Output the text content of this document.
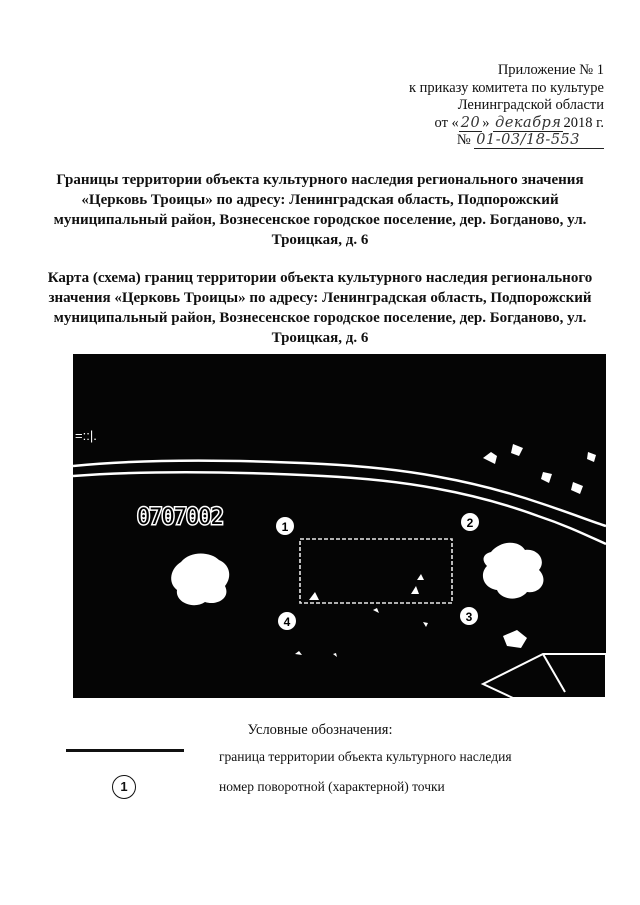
Приложение № 1
к приказу комитета по культуре
Ленинградской области
от « 20 » декабря 2018 г.
№ 01-03/18-553
Границы территории объекта культурного наследия регионального значения «Церковь Троицы» по адресу: Ленинградская область, Подпорожский муниципальный район, Вознесенское городское поселение, дер. Богданово, ул. Троицкая, д. 6
Карта (схема) границ территории объекта культурного наследия регионального значения «Церковь Троицы» по адресу: Ленинградская область, Подпорожский муниципальный район, Вознесенское городское поселение, дер. Богданово, ул. Троицкая, д. 6
=::|.
0707002	1	2
3
4
Условные обозначения:
граница территории объекта культурного наследия
1	номер поворотной (характерной) точки
